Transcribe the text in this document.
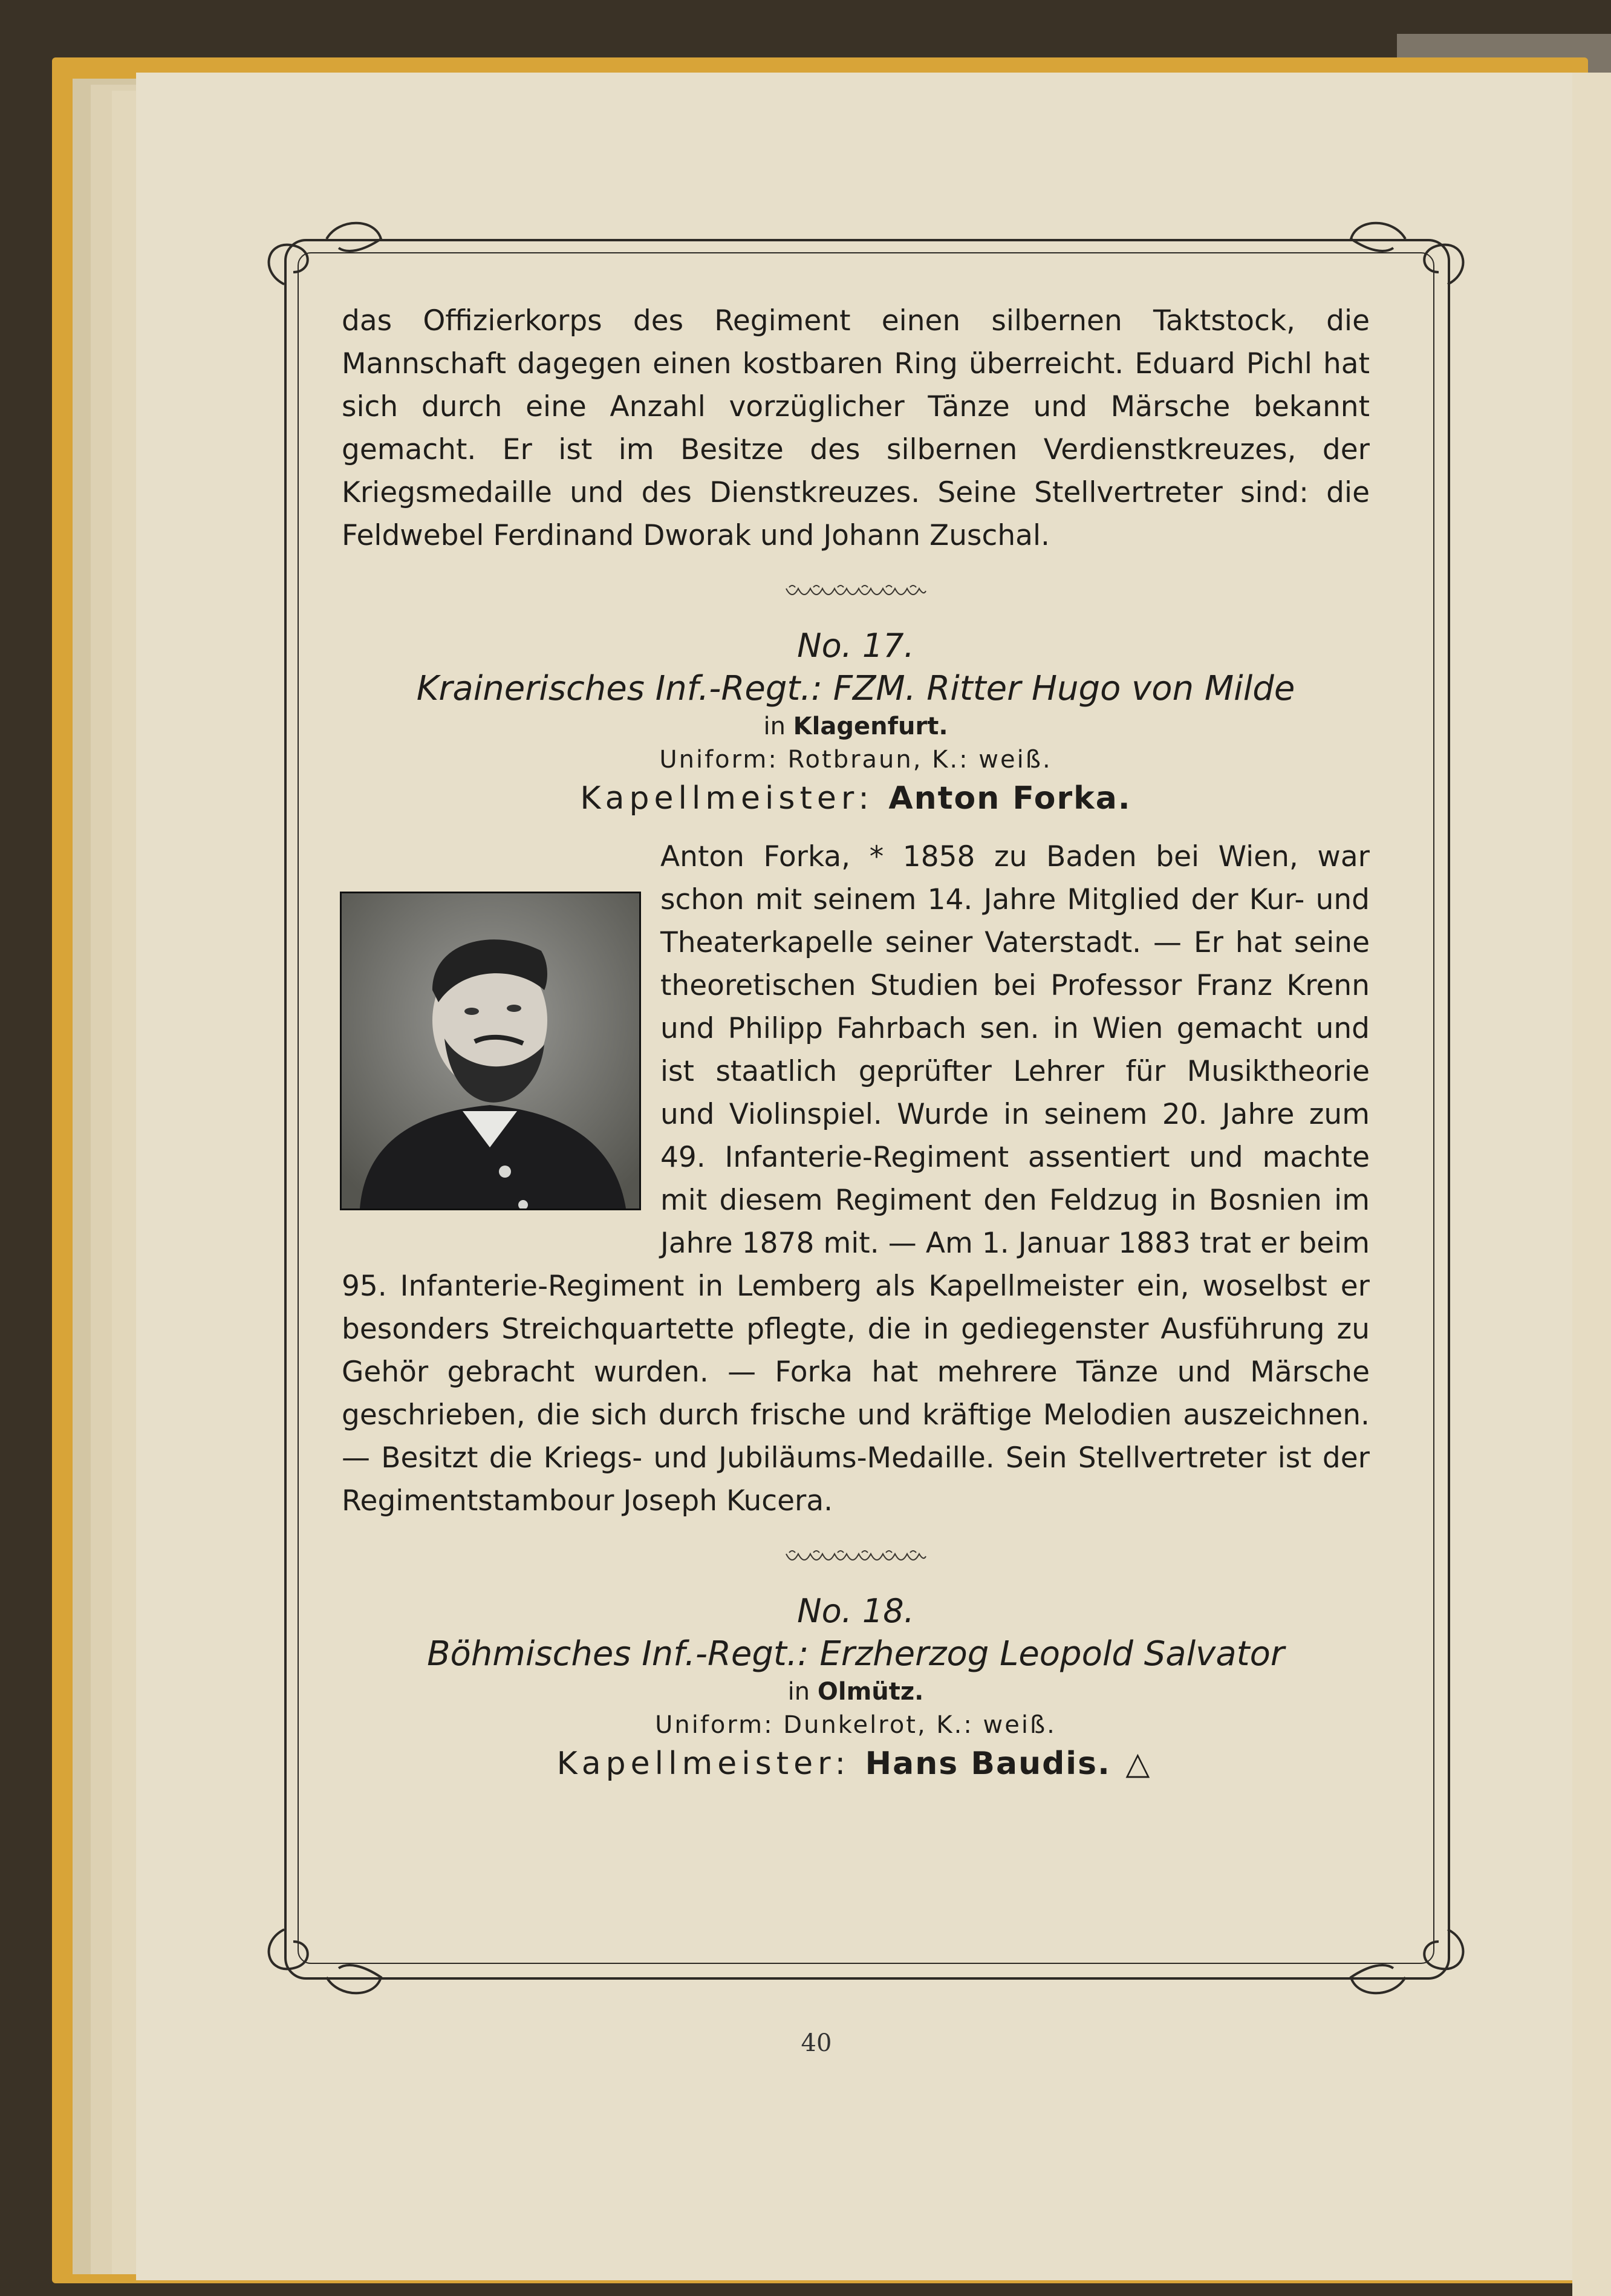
das Offizierkorps des Regiment einen silbernen Taktstock, die Mannschaft dagegen einen kostbaren Ring überreicht. Eduard Pichl hat sich durch eine Anzahl vorzüglicher Tänze und Märsche bekannt gemacht. Er ist im Besitze des silbernen Verdienstkreuzes, der Kriegsmedaille und des Dienstkreuzes. Seine Stellvertreter sind: die Feldwebel Ferdinand Dworak und Johann Zuschal.

No. 17.
Krainerisches Inf.-Regt.: FZM. Ritter Hugo von Milde
in Klagenfurt.
Uniform: Rotbraun, K.: weiß.
Kapellmeister: Anton Forka.

Anton Forka, * 1858 zu Baden bei Wien, war schon mit seinem 14. Jahre Mitglied der Kur- und Theaterkapelle seiner Vaterstadt. — Er hat seine theoretischen Studien bei Professor Franz Krenn und Philipp Fahrbach sen. in Wien gemacht und ist staatlich geprüfter Lehrer für Musiktheorie und Violinspiel. Wurde in seinem 20. Jahre zum 49. Infanterie-Regiment assentiert und machte mit diesem Regiment den Feldzug in Bosnien im Jahre 1878 mit. — Am 1. Januar 1883 trat er beim 95. Infanterie-Regiment in Lemberg als Kapellmeister ein, woselbst er besonders Streichquartette pflegte, die in gediegenster Ausführung zu Gehör gebracht wurden. — Forka hat mehrere Tänze und Märsche geschrieben, die sich durch frische und kräftige Melodien auszeichnen. — Besitzt die Kriegs- und Jubiläums-Medaille. Sein Stellvertreter ist der Regimentstambour Joseph Kucera.

No. 18.
Böhmisches Inf.-Regt.: Erzherzog Leopold Salvator
in Olmütz.
Uniform: Dunkelrot, K.: weiß.
Kapellmeister: Hans Baudis. △
40
